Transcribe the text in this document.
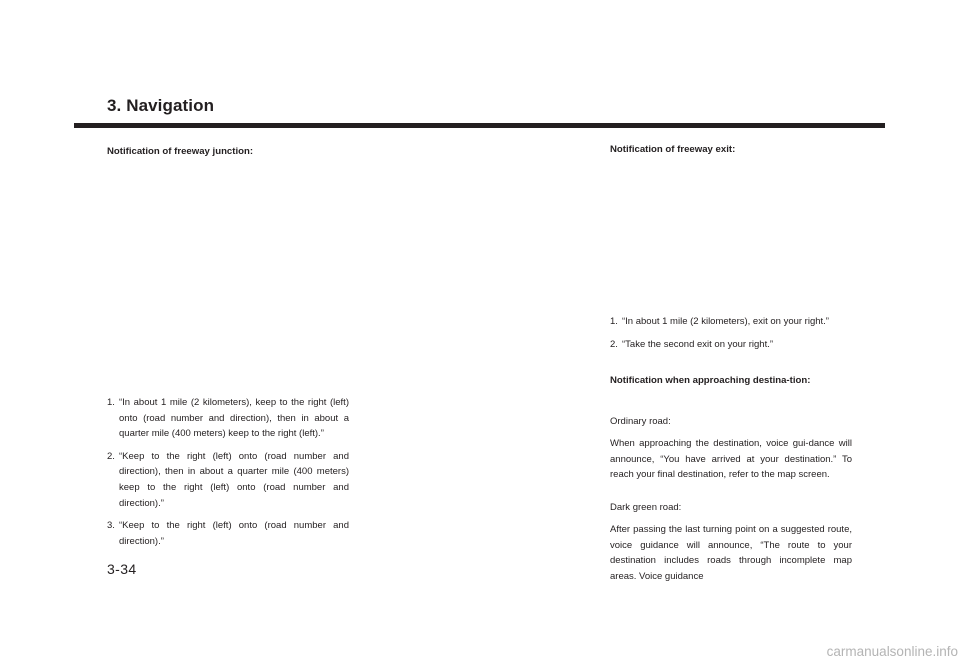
3. Navigation

Notification of freeway junction:

1. “In about 1 mile (2 kilometers), keep to the right (left) onto (road number and direction), then in about a quarter mile (400 meters) keep to the right (left).”
2. “Keep to the right (left) onto (road number and direction), then in about a quarter mile (400 meters) keep to the right (left) onto (road number and direction).”
3. “Keep to the right (left) onto (road number and direction).”

Notification of freeway exit:

1. “In about 1 mile (2 kilometers), exit on your right.”
2. “Take the second exit on your right.”

Notification when approaching destina-tion:

Ordinary road:

When approaching the destination, voice gui-dance will announce, “You have arrived at your destination.” To reach your final destination, refer to the map screen.

Dark green road:

After passing the last turning point on a suggested route, voice guidance will announce, “The route to your destination includes roads through incomplete map areas. Voice guidance

3-34

carmanualsonline.info
